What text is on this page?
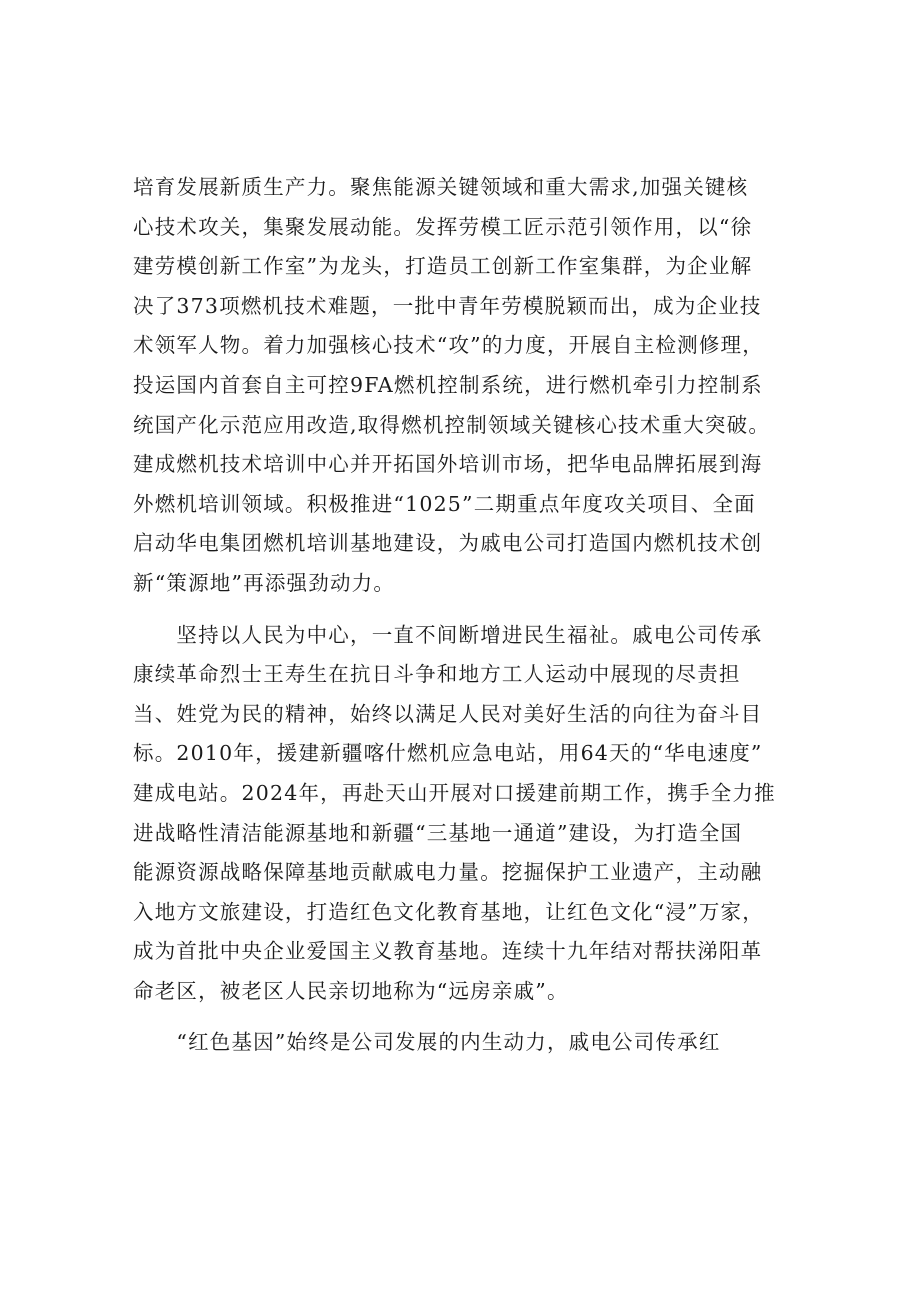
培育发展新质生产力。聚焦能源关键领域和重大需求,加强关键核
心技术攻关，集聚发展动能。发挥劳模工匠示范引领作用，以“徐
建劳模创新工作室”为龙头，打造员工创新工作室集群，为企业解
决了373项燃机技术难题，一批中青年劳模脱颖而出，成为企业技
术领军人物。着力加强核心技术“攻”的力度，开展自主检测修理，
投运国内首套自主可控9FA燃机控制系统，进行燃机牵引力控制系
统国产化示范应用改造,取得燃机控制领域关键核心技术重大突破。
建成燃机技术培训中心并开拓国外培训市场，把华电品牌拓展到海
外燃机培训领域。积极推进“1025”二期重点年度攻关项目、全面
启动华电集团燃机培训基地建设，为戚电公司打造国内燃机技术创
新“策源地”再添强劲动力。

　　坚持以人民为中心，一直不间断增进民生福祉。戚电公司传承
康续革命烈士王寿生在抗日斗争和地方工人运动中展现的尽责担
当、姓党为民的精神，始终以满足人民对美好生活的向往为奋斗目
标。2010年，援建新疆喀什燃机应急电站，用64天的“华电速度”
建成电站。2024年，再赴天山开展对口援建前期工作，携手全力推
进战略性清洁能源基地和新疆“三基地一通道”建设，为打造全国
能源资源战略保障基地贡献戚电力量。挖掘保护工业遗产，主动融
入地方文旅建设，打造红色文化教育基地，让红色文化“浸”万家，
成为首批中央企业爱国主义教育基地。连续十九年结对帮扶涕阳革
命老区，被老区人民亲切地称为“远房亲戚”。

　　“红色基因”始终是公司发展的内生动力，戚电公司传承红
